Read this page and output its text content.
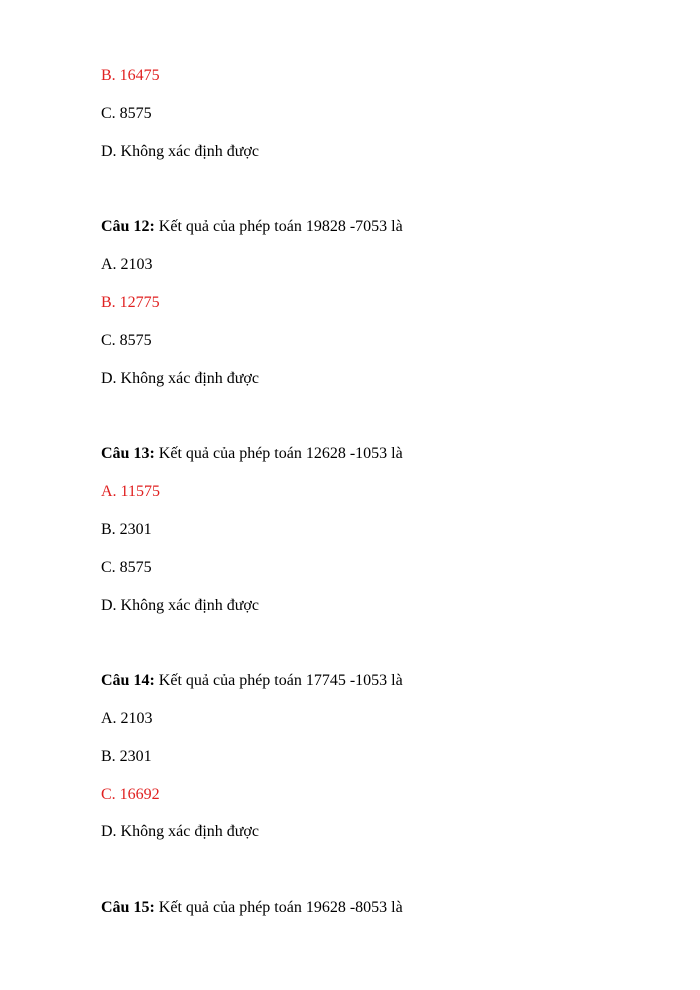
B. 16475
C. 8575
D. Không xác định được
Câu 12: Kết quả của phép toán 19828 -7053 là
A. 2103
B. 12775
C. 8575
D. Không xác định được
Câu 13: Kết quả của phép toán 12628 -1053 là
A. 11575
B. 2301
C. 8575
D. Không xác định được
Câu 14: Kết quả của phép toán 17745 -1053 là
A. 2103
B. 2301
C. 16692
D. Không xác định được
Câu 15: Kết quả của phép toán 19628 -8053 là
